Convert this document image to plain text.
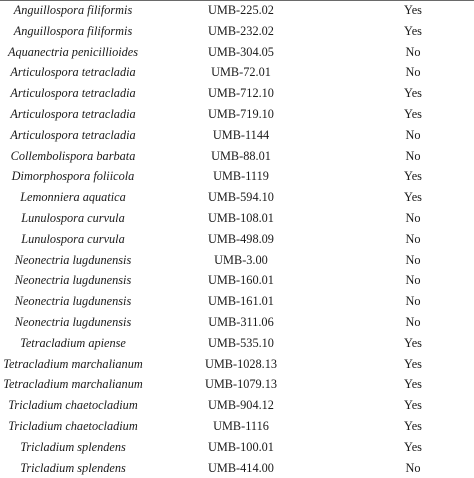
Anguillospora filiformis	UMB-225.02	Yes
Anguillospora filiformis	UMB-232.02	Yes
Aquanectria penicillioides	UMB-304.05	No
Articulospora tetracladia	UMB-72.01	No
Articulospora tetracladia	UMB-712.10	Yes
Articulospora tetracladia	UMB-719.10	Yes
Articulospora tetracladia	UMB-1144	No
Collembolispora barbata	UMB-88.01	No
Dimorphospora foliicola	UMB-1119	Yes
Lemonniera aquatica	UMB-594.10	Yes
Lunulospora curvula	UMB-108.01	No
Lunulospora curvula	UMB-498.09	No
Neonectria lugdunensis	UMB-3.00	No
Neonectria lugdunensis	UMB-160.01	No
Neonectria lugdunensis	UMB-161.01	No
Neonectria lugdunensis	UMB-311.06	No
Tetracladium apiense	UMB-535.10	Yes
Tetracladium marchalianum	UMB-1028.13	Yes
Tetracladium marchalianum	UMB-1079.13	Yes
Tricladium chaetocladium	UMB-904.12	Yes
Tricladium chaetocladium	UMB-1116	Yes
Tricladium splendens	UMB-100.01	Yes
Tricladium splendens	UMB-414.00	No
